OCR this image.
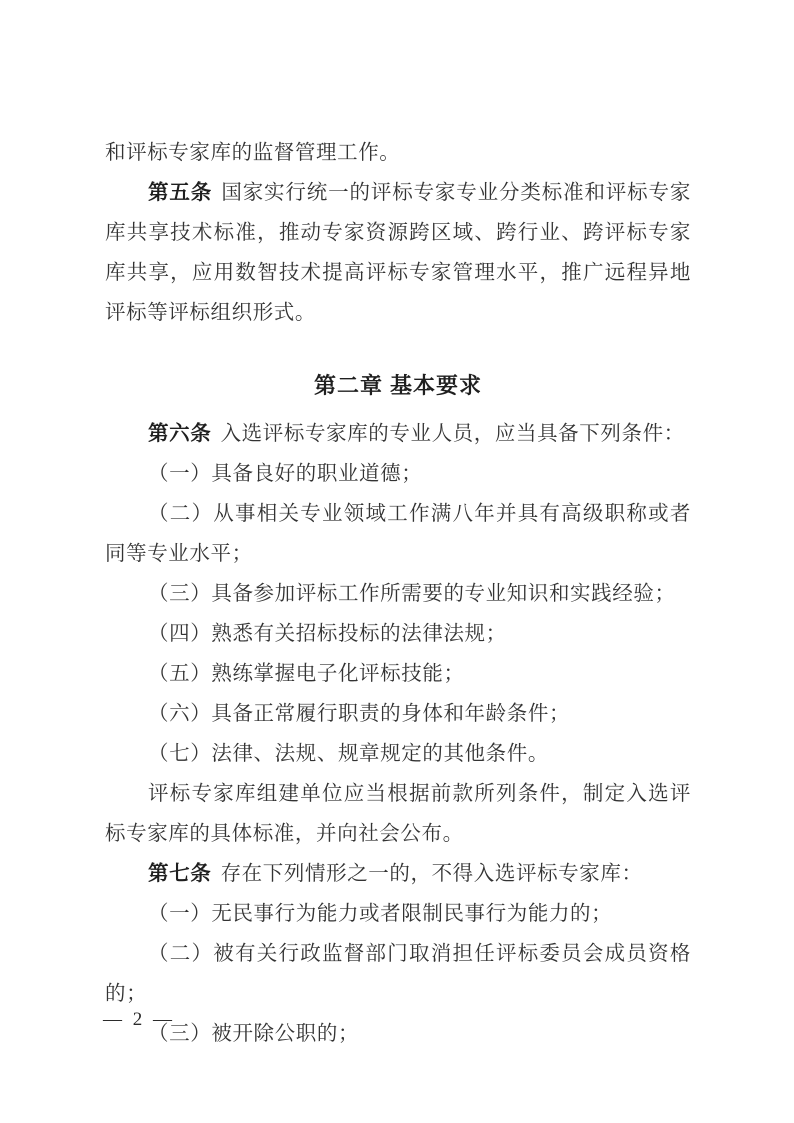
和评标专家库的监督管理工作。

第五条 国家实行统一的评标专家专业分类标准和评标专家库共享技术标准，推动专家资源跨区域、跨行业、跨评标专家库共享，应用数智技术提高评标专家管理水平，推广远程异地评标等评标组织形式。

第二章 基本要求

第六条 入选评标专家库的专业人员，应当具备下列条件：

（一）具备良好的职业道德；

（二）从事相关专业领域工作满八年并具有高级职称或者同等专业水平；

（三）具备参加评标工作所需要的专业知识和实践经验；

（四）熟悉有关招标投标的法律法规；

（五）熟练掌握电子化评标技能；

（六）具备正常履行职责的身体和年龄条件；

（七）法律、法规、规章规定的其他条件。

评标专家库组建单位应当根据前款所列条件，制定入选评标专家库的具体标准，并向社会公布。

第七条 存在下列情形之一的，不得入选评标专家库：

（一）无民事行为能力或者限制民事行为能力的；

（二）被有关行政监督部门取消担任评标委员会成员资格的；

（三）被开除公职的；

— 2 —
